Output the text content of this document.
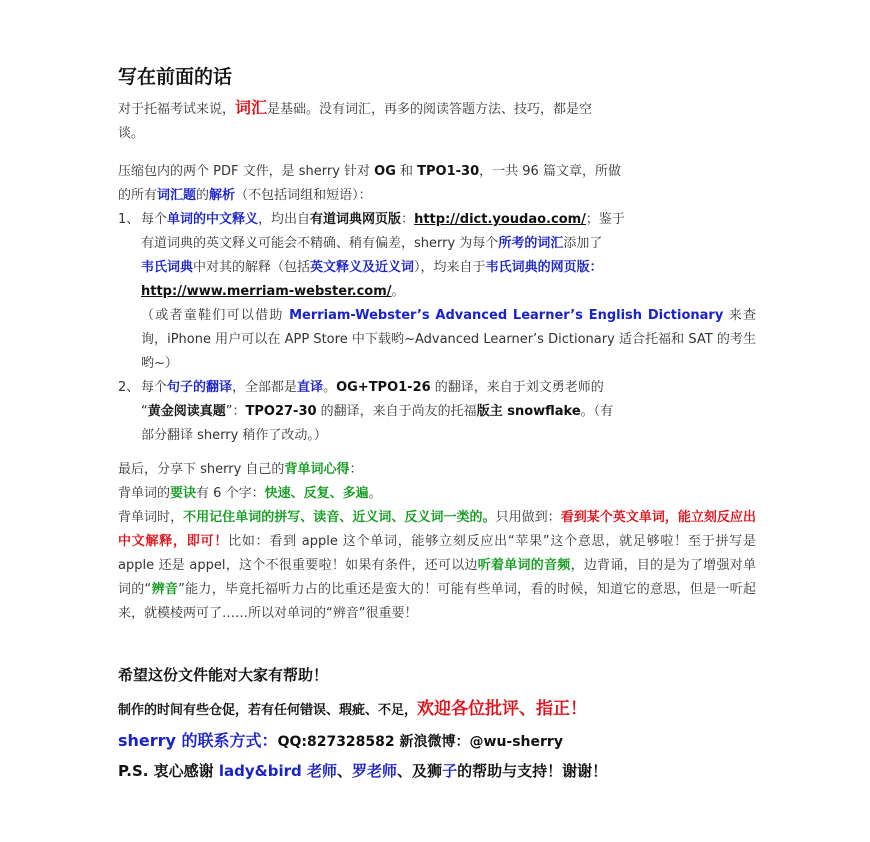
写在前面的话
对于托福考试来说，词汇是基础。没有词汇，再多的阅读答题方法、技巧，都是空
谈。
压缩包内的两个 PDF 文件，是 sherry 针对 OG 和 TPO1-30，一共 96 篇文章，所做
的所有词汇题的解析（不包括词组和短语）：
1、 每个单词的中文释义，均出自有道词典网页版：http://dict.youdao.com/；鉴于
有道词典的英文释义可能会不精确、稍有偏差，sherry 为每个所考的词汇添加了
韦氏词典中对其的解释（包括英文释义及近义词），均来自于韦氏词典的网页版：
http://www.merriam-webster.com/。
（或者童鞋们可以借助 Merriam-Webster’s Advanced Learner’s English Dictionary 来查询，iPhone 用户可以在 APP Store 中下载哟~Advanced Learner’s Dictionary 适合托福和 SAT 的考生哟~）
2、 每个句子的翻译，全部都是直译。OG+TPO1-26 的翻译，来自于刘文勇老师的
“黄金阅读真题”：TPO27-30 的翻译，来自于尚友的托福版主 snowflake。（有
部分翻译 sherry 稍作了改动。）
最后，分享下 sherry 自己的背单词心得：
背单词的要诀有 6 个字：快速、反复、多遍。
背单词时，不用记住单词的拼写、读音、近义词、反义词一类的。只用做到：看到某个英文单词，能立刻反应出中文解释，即可！比如：看到 apple 这个单词，能够立刻反应出“苹果”这个意思，就足够啦！至于拼写是 apple 还是 appel，这个不很重要啦！如果有条件，还可以边听着单词的音频，边背诵，目的是为了增强对单词的“辨音”能力，毕竟托福听力占的比重还是蛮大的！可能有些单词，看的时候，知道它的意思，但是一听起来，就模棱两可了……所以对单词的“辨音”很重要！
希望这份文件能对大家有帮助！
制作的时间有些仓促，若有任何错误、瑕疵、不足，欢迎各位批评、指正！
sherry 的联系方式：QQ:827328582 新浪微博：@wu-sherry
P.S. 衷心感谢 lady&bird 老师、罗老师、及狮子的帮助与支持！谢谢！
